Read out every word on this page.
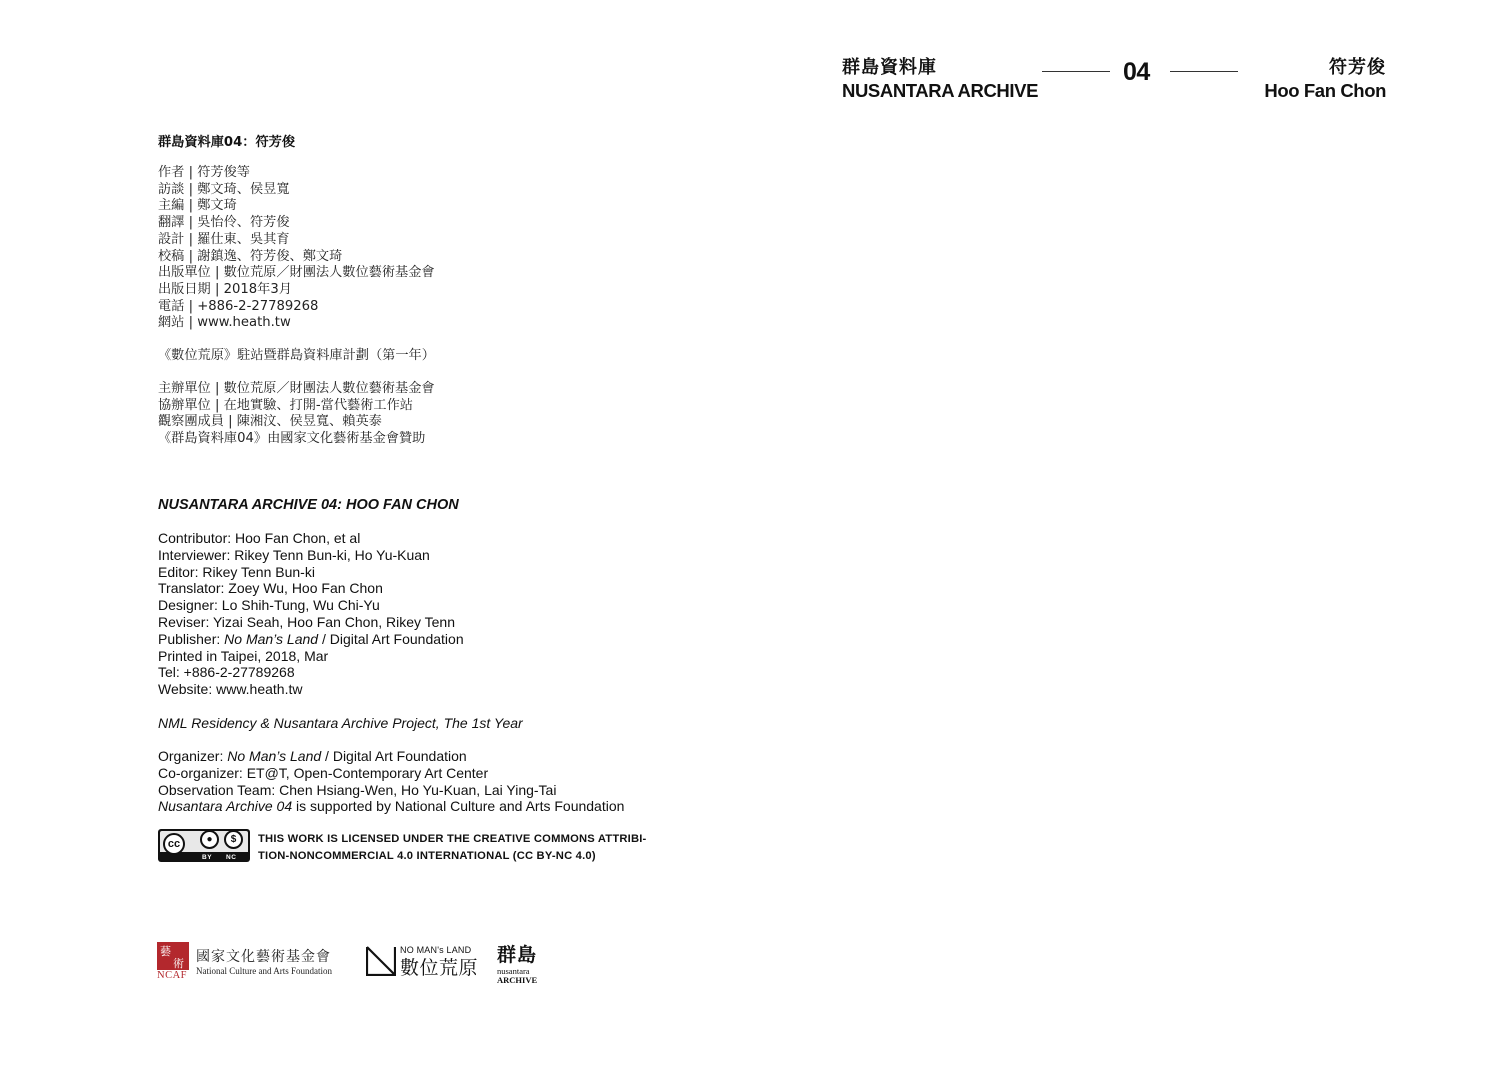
群島資料庫
NUSANTARA ARCHIVE
04	符芳俊
Hoo Fan Chon
群島資料庫04：符芳俊
作者 | 符芳俊等
訪談 | 鄭文琦、侯昱寬
主編 | 鄭文琦
翻譯 | 吳怡伶、符芳俊
設計 | 羅仕東、吳其育
校稿 | 謝鎮逸、符芳俊、鄭文琦
出版單位 | 數位荒原／財團法人數位藝術基金會
出版日期 | 2018年3月
電話 | +886-2-27789268
網站 | www.heath.tw
《數位荒原》駐站暨群島資料庫計劃（第一年）
主辦單位 | 數位荒原／財團法人數位藝術基金會
協辦單位 | 在地實驗、打開-當代藝術工作站
觀察團成員 | 陳湘汶、侯昱寬、賴英泰
《群島資料庫04》由國家文化藝術基金會贊助
NUSANTARA ARCHIVE 04: HOO FAN CHON
Contributor: Hoo Fan Chon, et al
Interviewer: Rikey Tenn Bun-ki, Ho Yu-Kuan
Editor: Rikey Tenn Bun-ki
Translator: Zoey Wu, Hoo Fan Chon
Designer: Lo Shih-Tung, Wu Chi-Yu
Reviser: Yizai Seah, Hoo Fan Chon, Rikey Tenn
Publisher: No Man’s Land / Digital Art Foundation
Printed in Taipei, 2018, Mar
Tel: +886-2-27789268
Website: www.heath.tw
NML Residency & Nusantara Archive Project, The 1st Year
Organizer: No Man’s Land / Digital Art Foundation
Co-organizer: ET@T, Open-Contemporary Art Center
Observation Team: Chen Hsiang-Wen, Ho Yu-Kuan, Lai Ying-Tai
Nusantara Archive 04 is supported by National Culture and Arts Foundation
cc	●	$
BY NC
THIS WORK IS LICENSED UNDER THE CREATIVE COMMONS ATTRIBI-
TION-NONCOMMERCIAL 4.0 INTERNATIONAL (CC BY-NC 4.0)
藝
術
NCAF
國家文化藝術基金會
National Culture and Arts Foundation
NO MAN's LAND
數位荒原
群島
nusantara
ARCHIVE
